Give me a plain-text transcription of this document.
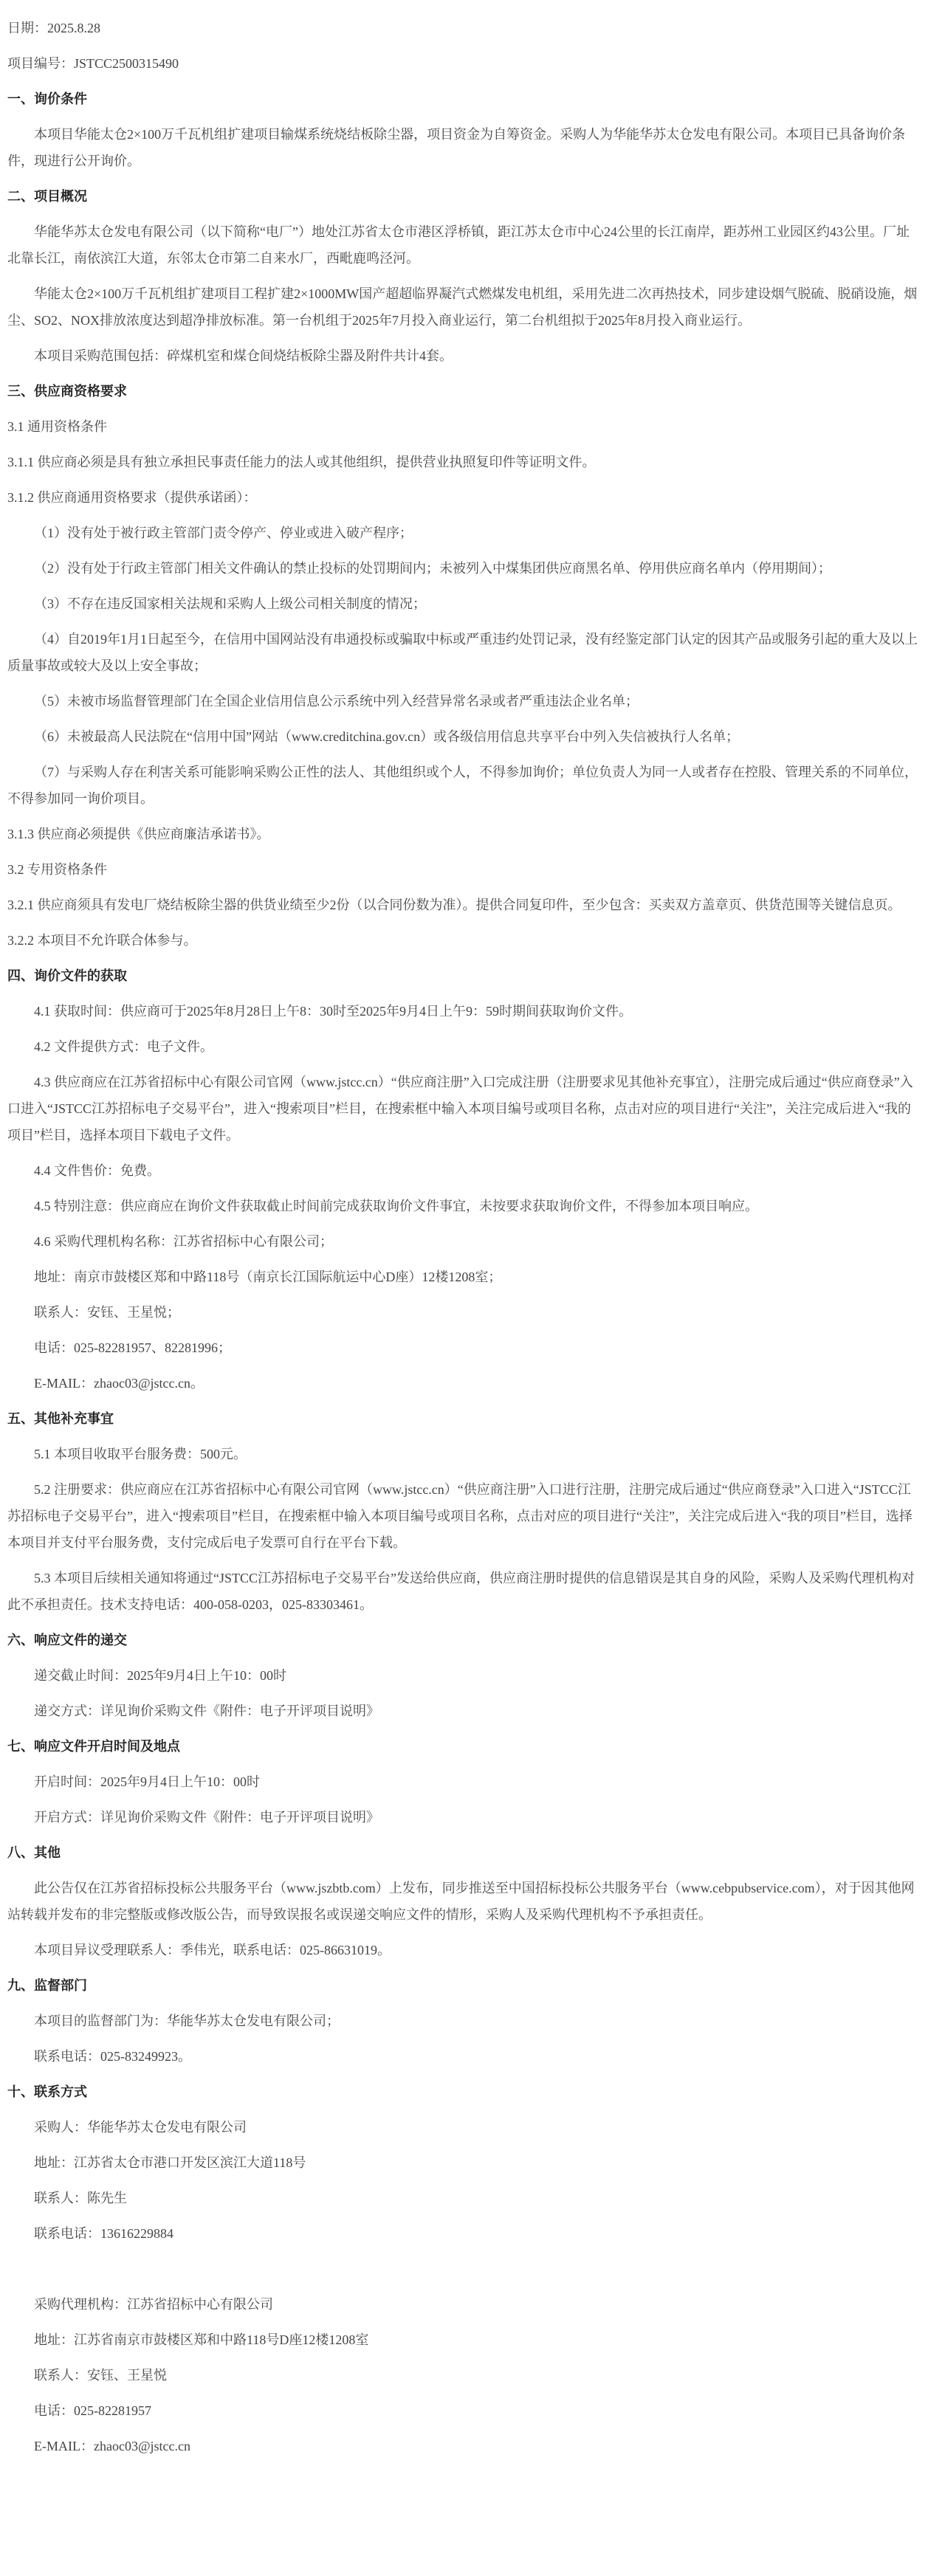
日期：2025.8.28
项目编号：JSTCC2500315490
一、询价条件
本项目华能太仓2×100万千瓦机组扩建项目输煤系统烧结板除尘器，项目资金为自筹资金。采购人为华能华苏太仓发电有限公司。本项目已具备询价条件，现进行公开询价。
二、项目概况
华能华苏太仓发电有限公司（以下简称“电厂”）地处江苏省太仓市港区浮桥镇，距江苏太仓市中心24公里的长江南岸，距苏州工业园区约43公里。厂址北靠长江，南依滨江大道，东邻太仓市第二自来水厂，西毗鹿鸣泾河。
华能太仓2×100万千瓦机组扩建项目工程扩建2×1000MW国产超超临界凝汽式燃煤发电机组，采用先进二次再热技术，同步建设烟气脱硫、脱硝设施，烟尘、SO2、NOX排放浓度达到超净排放标准。第一台机组于2025年7月投入商业运行，第二台机组拟于2025年8月投入商业运行。
本项目采购范围包括：碎煤机室和煤仓间烧结板除尘器及附件共计4套。
三、供应商资格要求
3.1 通用资格条件
3.1.1 供应商必须是具有独立承担民事责任能力的法人或其他组织，提供营业执照复印件等证明文件。
3.1.2 供应商通用资格要求（提供承诺函）：
（1）没有处于被行政主管部门责令停产、停业或进入破产程序；
（2）没有处于行政主管部门相关文件确认的禁止投标的处罚期间内；未被列入中煤集团供应商黑名单、停用供应商名单内（停用期间）；
（3）不存在违反国家相关法规和采购人上级公司相关制度的情况；
（4）自2019年1月1日起至今，在信用中国网站没有串通投标或骗取中标或严重违约处罚记录，没有经鉴定部门认定的因其产品或服务引起的重大及以上质量事故或较大及以上安全事故；
（5）未被市场监督管理部门在全国企业信用信息公示系统中列入经营异常名录或者严重违法企业名单；
（6）未被最高人民法院在“信用中国”网站（www.creditchina.gov.cn）或各级信用信息共享平台中列入失信被执行人名单；
（7）与采购人存在利害关系可能影响采购公正性的法人、其他组织或个人，不得参加询价；单位负责人为同一人或者存在控股、管理关系的不同单位，不得参加同一询价项目。
3.1.3 供应商必须提供《供应商廉洁承诺书》。
3.2 专用资格条件
3.2.1 供应商须具有发电厂烧结板除尘器的供货业绩至少2份（以合同份数为准）。提供合同复印件，至少包含：买卖双方盖章页、供货范围等关键信息页。
3.2.2 本项目不允许联合体参与。
四、询价文件的获取
4.1 获取时间：供应商可于2025年8月28日上午8：30时至2025年9月4日上午9：59时期间获取询价文件。
4.2 文件提供方式：电子文件。
4.3 供应商应在江苏省招标中心有限公司官网（www.jstcc.cn）“供应商注册”入口完成注册（注册要求见其他补充事宜），注册完成后通过“供应商登录”入口进入“JSTCC江苏招标电子交易平台”，进入“搜索项目”栏目，在搜索框中输入本项目编号或项目名称，点击对应的项目进行“关注”，关注完成后进入“我的项目”栏目，选择本项目下载电子文件。
4.4 文件售价：免费。
4.5 特别注意：供应商应在询价文件获取截止时间前完成获取询价文件事宜，未按要求获取询价文件，不得参加本项目响应。
4.6 采购代理机构名称：江苏省招标中心有限公司；
地址：南京市鼓楼区郑和中路118号（南京长江国际航运中心D座）12楼1208室；
联系人：安钰、王星悦；
电话：025-82281957、82281996；
E-MAIL：zhaoc03@jstcc.cn。
五、其他补充事宜
5.1 本项目收取平台服务费：500元。
5.2 注册要求：供应商应在江苏省招标中心有限公司官网（www.jstcc.cn）“供应商注册”入口进行注册，注册完成后通过“供应商登录”入口进入“JSTCC江苏招标电子交易平台”，进入“搜索项目”栏目，在搜索框中输入本项目编号或项目名称，点击对应的项目进行“关注”，关注完成后进入“我的项目”栏目，选择本项目并支付平台服务费，支付完成后电子发票可自行在平台下载。
5.3 本项目后续相关通知将通过“JSTCC江苏招标电子交易平台”发送给供应商，供应商注册时提供的信息错误是其自身的风险，采购人及采购代理机构对此不承担责任。技术支持电话：400-058-0203，025-83303461。
六、响应文件的递交
递交截止时间：2025年9月4日上午10：00时
递交方式：详见询价采购文件《附件：电子开评项目说明》
七、响应文件开启时间及地点
开启时间：2025年9月4日上午10：00时
开启方式：详见询价采购文件《附件：电子开评项目说明》
八、其他
此公告仅在江苏省招标投标公共服务平台（www.jszbtb.com）上发布，同步推送至中国招标投标公共服务平台（www.cebpubservice.com），对于因其他网站转载并发布的非完整版或修改版公告，而导致误报名或误递交响应文件的情形，采购人及采购代理机构不予承担责任。
本项目异议受理联系人：季伟光，联系电话：025-86631019。
九、监督部门
本项目的监督部门为：华能华苏太仓发电有限公司；
联系电话：025-83249923。
十、联系方式
采购人：华能华苏太仓发电有限公司
地址：江苏省太仓市港口开发区滨江大道118号
联系人：陈先生
联系电话：13616229884
采购代理机构：江苏省招标中心有限公司
地址：江苏省南京市鼓楼区郑和中路118号D座12楼1208室
联系人：安钰、王星悦
电话：025-82281957
E-MAIL：zhaoc03@jstcc.cn
